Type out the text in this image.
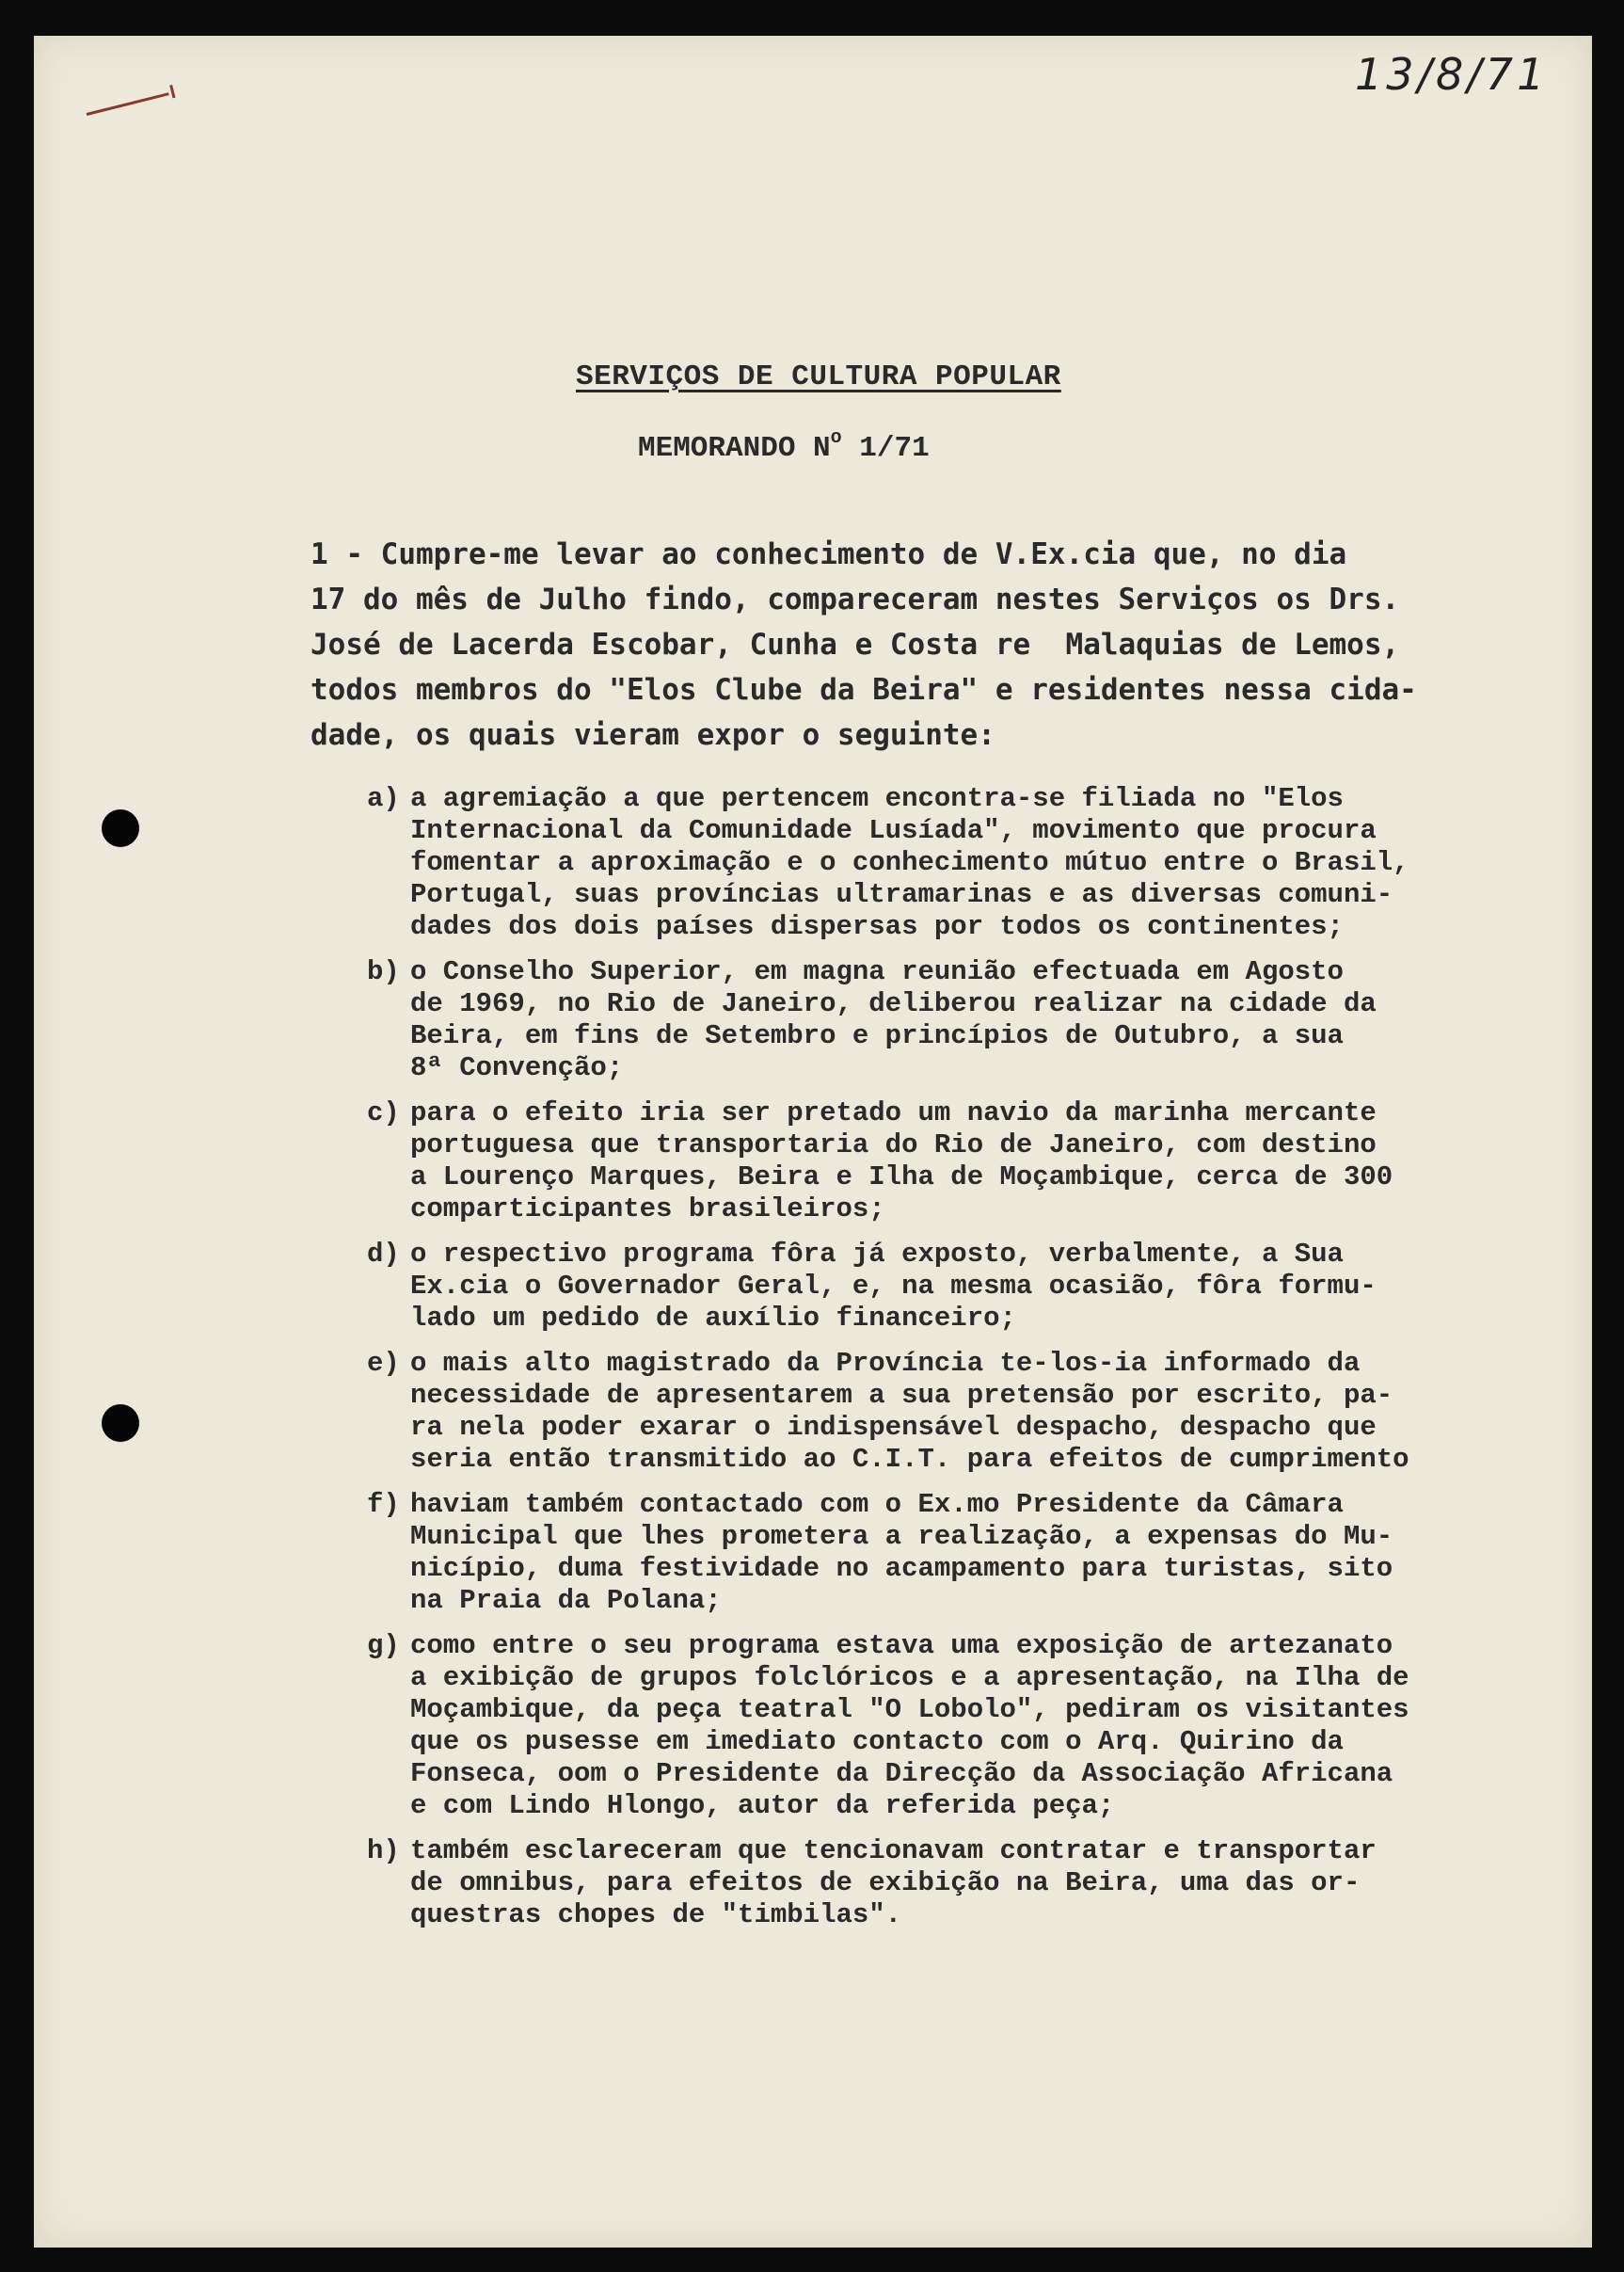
13/8/71
SERVIÇOS DE CULTURA POPULAR
MEMORANDO $N^o$ 1/71
1 - Cumpre-me levar ao conhecimento de V.Ex.cia que, no dia
17 do mês de Julho findo, compareceram nestes Serviços os Drs.
José de Lacerda Escobar, Cunha e Costa re  Malaquias de Lemos,
todos membros do "Elos Clube da Beira" e residentes nessa cida-
dade, os quais vieram expor o seguinte:
a) a agremiação a que pertencem encontra-se filiada no "Elos
Internacional da Comunidade Lusíada", movimento que procura
fomentar a aproximação e o conhecimento mútuo entre o Brasil,
Portugal, suas províncias ultramarinas e as diversas comuni-
dades dos dois países dispersas por todos os continentes;
b) o Conselho Superior, em magna reunião efectuada em Agosto
de 1969, no Rio de Janeiro, deliberou realizar na cidade da
Beira, em fins de Setembro e princípios de Outubro, a sua
8ª Convenção;
c) para o efeito iria ser pretado um navio da marinha mercante
portuguesa que transportaria do Rio de Janeiro, com destino
a Lourenço Marques, Beira e Ilha de Moçambique, cerca de 300
comparticipantes brasileiros;
d) o respectivo programa fôra já exposto, verbalmente, a Sua
Ex.cia o Governador Geral, e, na mesma ocasião, fôra formu-
lado um pedido de auxílio financeiro;
e) o mais alto magistrado da Província te-los-ia informado da
necessidade de apresentarem a sua pretensão por escrito, pa-
ra nela poder exarar o indispensável despacho, despacho que
seria então transmitido ao C.I.T. para efeitos de cumprimento
f) haviam também contactado com o Ex.mo Presidente da Câmara
Municipal que lhes prometera a realização, a expensas do Mu-
nicípio, duma festividade no acampamento para turistas, sito
na Praia da Polana;
g) como entre o seu programa estava uma exposição de artezanato
a exibição de grupos folclóricos e a apresentação, na Ilha de
Moçambique, da peça teatral "O Lobolo", pediram os visitantes
que os pusesse em imediato contacto com o Arq. Quirino da
Fonseca, oom o Presidente da Direcção da Associação Africana
e com Lindo Hlongo, autor da referida peça;
h) também esclareceram que tencionavam contratar e transportar
de omnibus, para efeitos de exibição na Beira, uma das or-
questras chopes de "timbilas".
